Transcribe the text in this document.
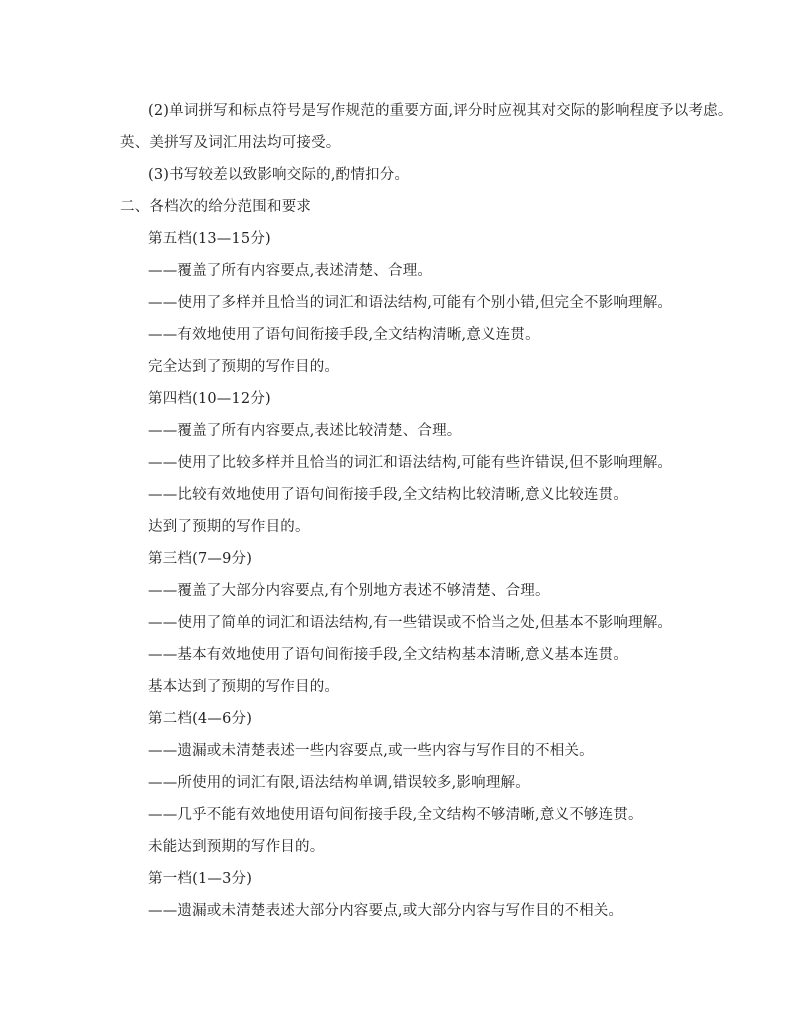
(2)单词拼写和标点符号是写作规范的重要方面,评分时应视其对交际的影响程度予以考虑。
英、美拼写及词汇用法均可接受。
(3)书写较差以致影响交际的,酌情扣分。
二、各档次的给分范围和要求
第五档(13—15分)
——覆盖了所有内容要点,表述清楚、合理。
——使用了多样并且恰当的词汇和语法结构,可能有个别小错,但完全不影响理解。
——有效地使用了语句间衔接手段,全文结构清晰,意义连贯。
完全达到了预期的写作目的。
第四档(10—12分)
——覆盖了所有内容要点,表述比较清楚、合理。
——使用了比较多样并且恰当的词汇和语法结构,可能有些许错误,但不影响理解。
——比较有效地使用了语句间衔接手段,全文结构比较清晰,意义比较连贯。
达到了预期的写作目的。
第三档(7—9分)
——覆盖了大部分内容要点,有个别地方表述不够清楚、合理。
——使用了简单的词汇和语法结构,有一些错误或不恰当之处,但基本不影响理解。
——基本有效地使用了语句间衔接手段,全文结构基本清晰,意义基本连贯。
基本达到了预期的写作目的。
第二档(4—6分)
——遗漏或未清楚表述一些内容要点,或一些内容与写作目的不相关。
——所使用的词汇有限,语法结构单调,错误较多,影响理解。
——几乎不能有效地使用语句间衔接手段,全文结构不够清晰,意义不够连贯。
未能达到预期的写作目的。
第一档(1—3分)
——遗漏或未清楚表述大部分内容要点,或大部分内容与写作目的不相关。
